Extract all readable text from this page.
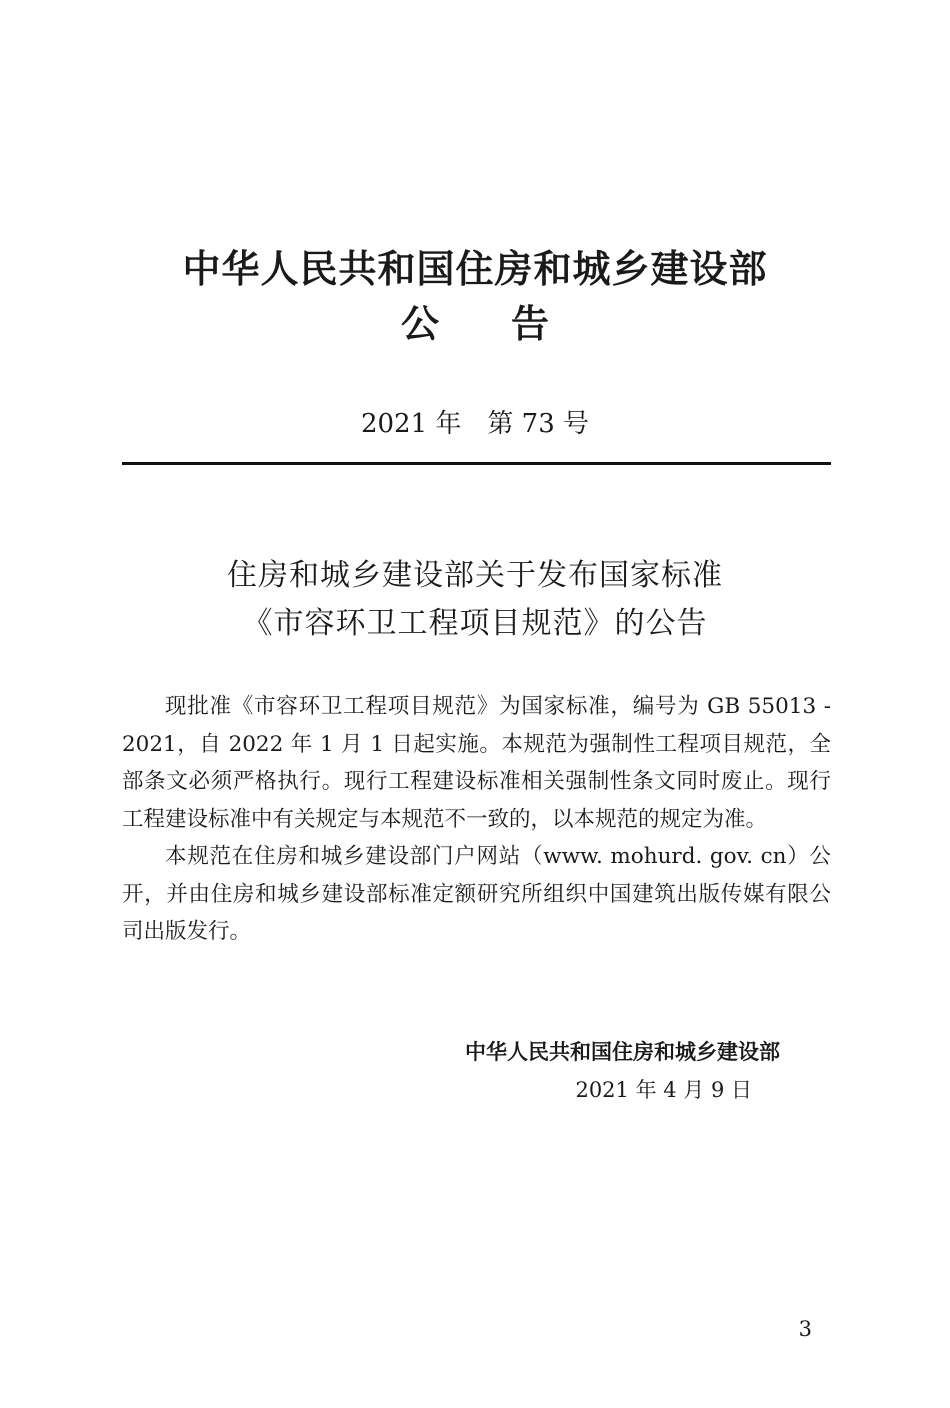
中华人民共和国住房和城乡建设部
公 告
2021 年　第 73 号
住房和城乡建设部关于发布国家标准
《市容环卫工程项目规范》的公告

现批准《市容环卫工程项目规范》为国家标准，编号为 GB 55013 - 2021，自 2022 年 1 月 1 日起实施。本规范为强制性工程项目规范，全部条文必须严格执行。现行工程建设标准相关强制性条文同时废止。现行工程建设标准中有关规定与本规范不一致的，以本规范的规定为准。

本规范在住房和城乡建设部门户网站（www. mohurd. gov. cn）公开，并由住房和城乡建设部标准定额研究所组织中国建筑出版传媒有限公司出版发行。

中华人民共和国住房和城乡建设部
2021 年 4 月 9 日
3
